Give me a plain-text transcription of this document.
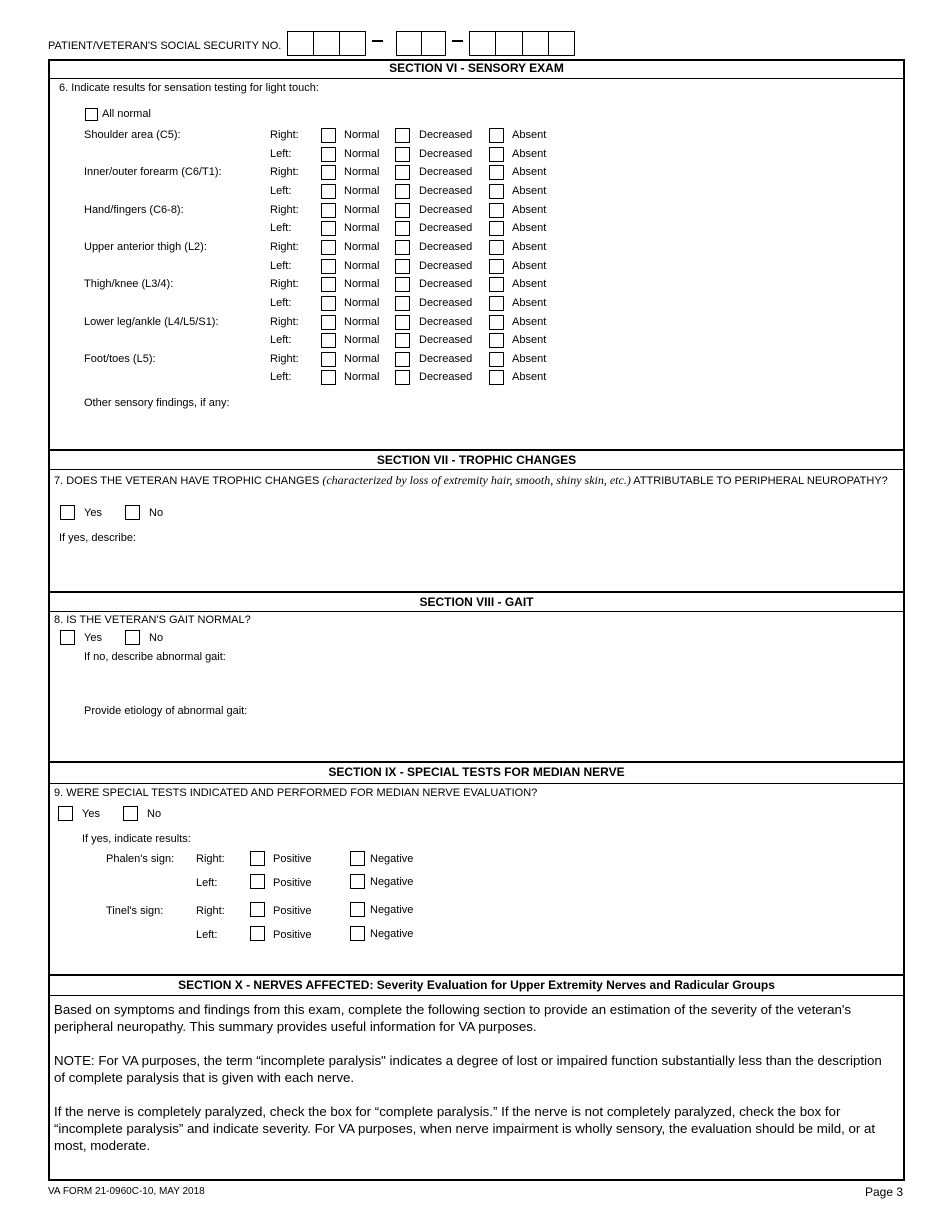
PATIENT/VETERAN'S SOCIAL SECURITY NO.
SECTION VI - SENSORY EXAM
6. Indicate results for sensation testing for light touch:
All normal
Shoulder area (C5):	Right:	Normal	Decreased	Absent
Left:	Normal	Decreased	Absent
Inner/outer forearm (C6/T1):	Right:	Normal	Decreased	Absent
Left:	Normal	Decreased	Absent
Hand/fingers (C6-8):	Right:	Normal	Decreased	Absent
Left:	Normal	Decreased	Absent
Upper anterior thigh (L2):	Right:	Normal	Decreased	Absent
Left:	Normal	Decreased	Absent
Thigh/knee (L3/4):	Right:	Normal	Decreased	Absent
Left:	Normal	Decreased	Absent
Lower leg/ankle (L4/L5/S1):	Right:	Normal	Decreased	Absent
Left:	Normal	Decreased	Absent
Foot/toes (L5):	Right:	Normal	Decreased	Absent
Left:	Normal	Decreased	Absent
Other sensory findings, if any:
SECTION VII - TROPHIC CHANGES
7. DOES THE VETERAN HAVE TROPHIC CHANGES (characterized by loss of extremity hair, smooth, shiny skin, etc.) ATTRIBUTABLE TO PERIPHERAL NEUROPATHY?
Yes	No
If yes, describe:
SECTION VIII - GAIT
8. IS THE VETERAN'S GAIT NORMAL?
Yes	No
If no, describe abnormal gait:
Provide etiology of abnormal gait:
SECTION IX - SPECIAL TESTS FOR MEDIAN NERVE
9. WERE SPECIAL TESTS INDICATED AND PERFORMED FOR MEDIAN NERVE EVALUATION?
Yes	No
If yes, indicate results:
Phalen's sign: Right:	Positive	Negative
Left:	Positive	Negative
Tinel's sign:	Right:	Positive	Negative
Left:	Positive	Negative
SECTION X - NERVES AFFECTED: Severity Evaluation for Upper Extremity Nerves and Radicular Groups
Based on symptoms and findings from this exam, complete the following section to provide an estimation of the severity of the veteran's peripheral neuropathy. This summary provides useful information for VA purposes.
NOTE: For VA purposes, the term “incomplete paralysis" indicates a degree of lost or impaired function substantially less than the description of complete paralysis that is given with each nerve.
If the nerve is completely paralyzed, check the box for “complete paralysis.” If the nerve is not completely paralyzed, check the box for “incomplete paralysis” and indicate severity. For VA purposes, when nerve impairment is wholly sensory, the evaluation should be mild, or at most, moderate.
VA FORM 21-0960C-10, MAY 2018	Page 3
